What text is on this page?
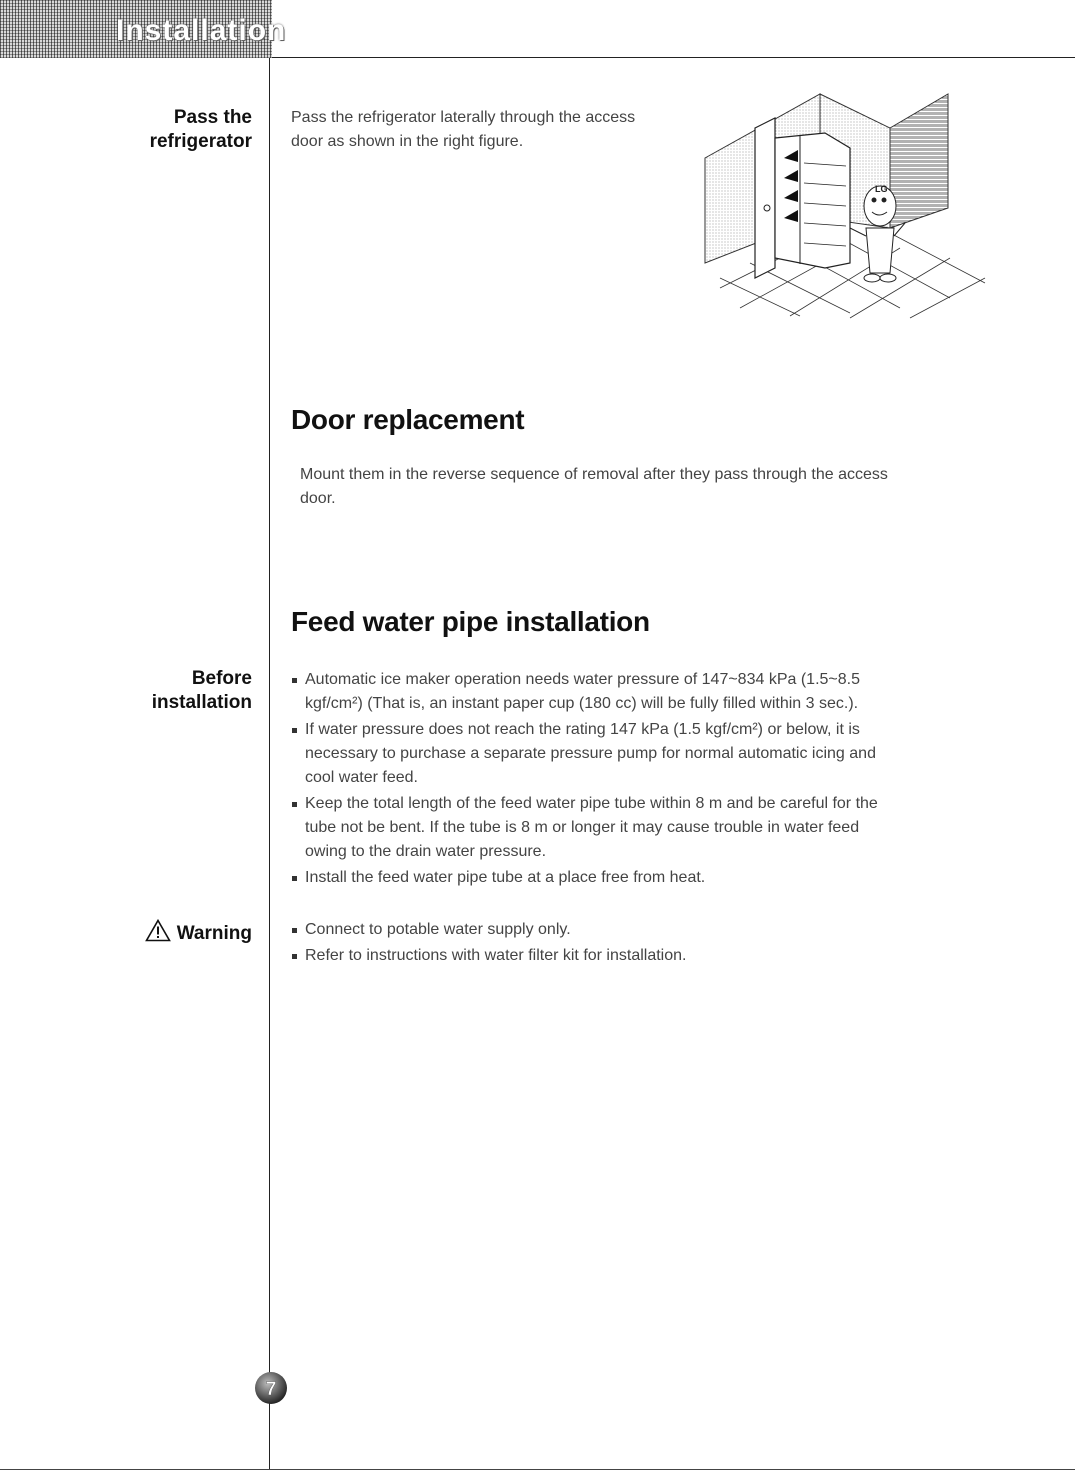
Installation
Pass the
refrigerator
Pass the refrigerator laterally through the access
door as shown in the right figure.
LG
Door replacement
Mount them in the reverse sequence of removal after they pass through the access
door.
Feed water pipe installation
Before
installation
Automatic ice maker operation needs water pressure of 147~834 kPa (1.5~8.5
kgf/cm²) (That is, an instant paper cup (180 cc) will be fully filled within 3 sec.).
If water pressure does not reach the rating 147 kPa (1.5 kgf/cm²) or below, it is
necessary to purchase a separate pressure pump for normal automatic icing and
cool water feed.
Keep the total length of the feed water pipe tube within 8 m and be careful for the
tube not be bent. If the tube is 8 m or longer it may cause trouble in water feed
owing to the drain water pressure.
Install the feed water pipe tube at a place free from heat.
Warning	Connect to potable water supply only.
Refer to instructions with water filter kit for installation.
7
